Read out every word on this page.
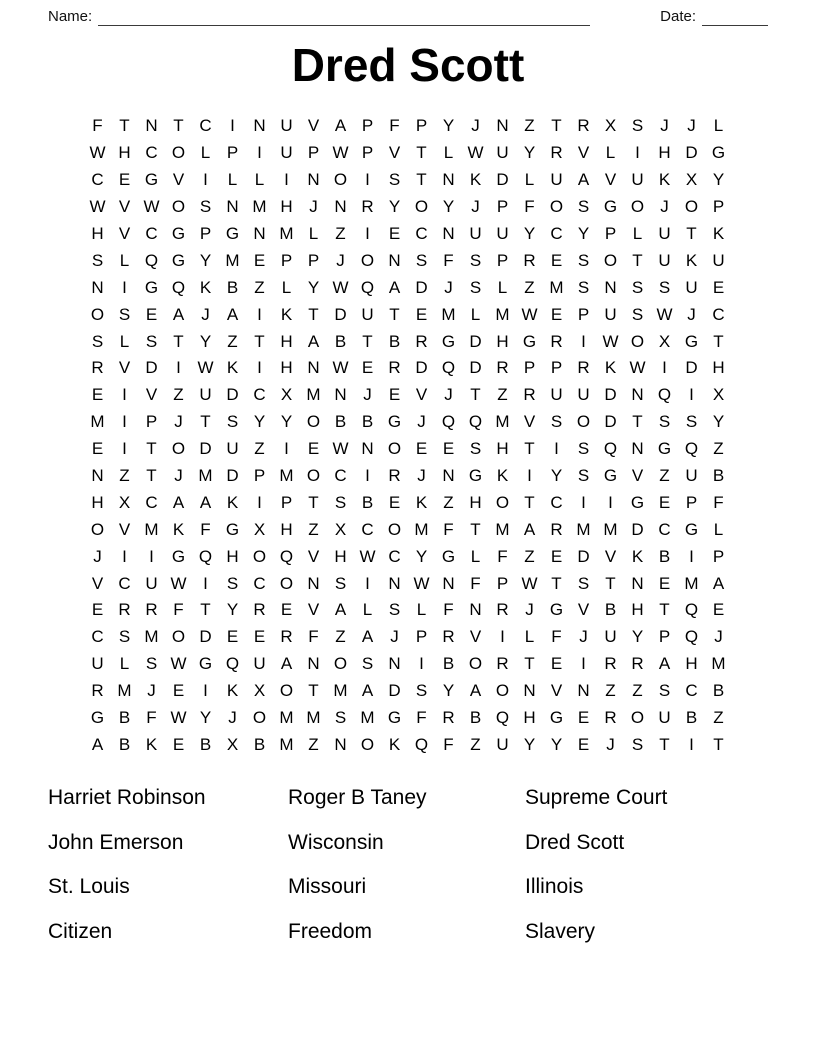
Name:	Date:
Dred Scott
F T N T C	I	N U V A P F P Y	J N Z T R X S	J	J	L
W H C O L P	I	U P W P V T	L W U Y R V L	I	H D G
C E G V	I	L	L	I	N O	I	S T N K D L U A V U K X Y
W V W O S N M H J N R Y O Y	J	P F O S G O J O P
H V C G P G N M L	Z	I	E C N U U Y C Y P L U T K
S L Q G Y M E P P	J O N S F S P R E S O T U K U
N	I	G Q K B Z	L Y W Q A D J	S L	Z M S N S S U E
O S E A	J	A	I	K T D U T E M L M W E P U S W J C
S L S T Y Z T H A B T B R G D H G R	I W O X G T
R V D	I W K	I	H N W E R D Q D R P P R K W I	D H
E	I	V Z U D C X M N J	E V	J	T Z R U U D N Q	I	X
M	I	P	J	T S Y Y O B B G J Q Q M V S O D T S S Y
E	I	T O D U Z	I	E W N O E E S H T	I	S Q N G Q Z
N Z T	J M D P M O C	I	R J N G K	I	Y S G V Z U B
H X C A A K	I	P T S B E K Z H O T C	I	I	G E P F
O V M K F G X H Z X C O M F T M A R M M D C G L
J	I	I	G Q H O Q V H W C Y G L	F Z E D V K B	I	P
V C U W I	S C O N S	I	N W N F P W T S T N E M A
E R R F T Y R E V A L S L	F N R J G V B H T Q E
C S M O D E E R F Z A	J	P R V	I	L	F	J U Y P Q J
U L S W G Q U A N O S N	I	B O R T E	I	R R A H M
R M J	E	I	K X O T M A D S Y A O N V N Z Z S C B
G B F W Y	J O M M S M G F R B Q H G E R O U B Z
A B K E B X B M Z N O K Q F Z U Y Y E	J	S T	I	T
Harriet Robinson
John Emerson
St. Louis
Citizen
Roger B Taney
Wisconsin
Missouri
Freedom
Supreme Court
Dred Scott
Illinois
Slavery
